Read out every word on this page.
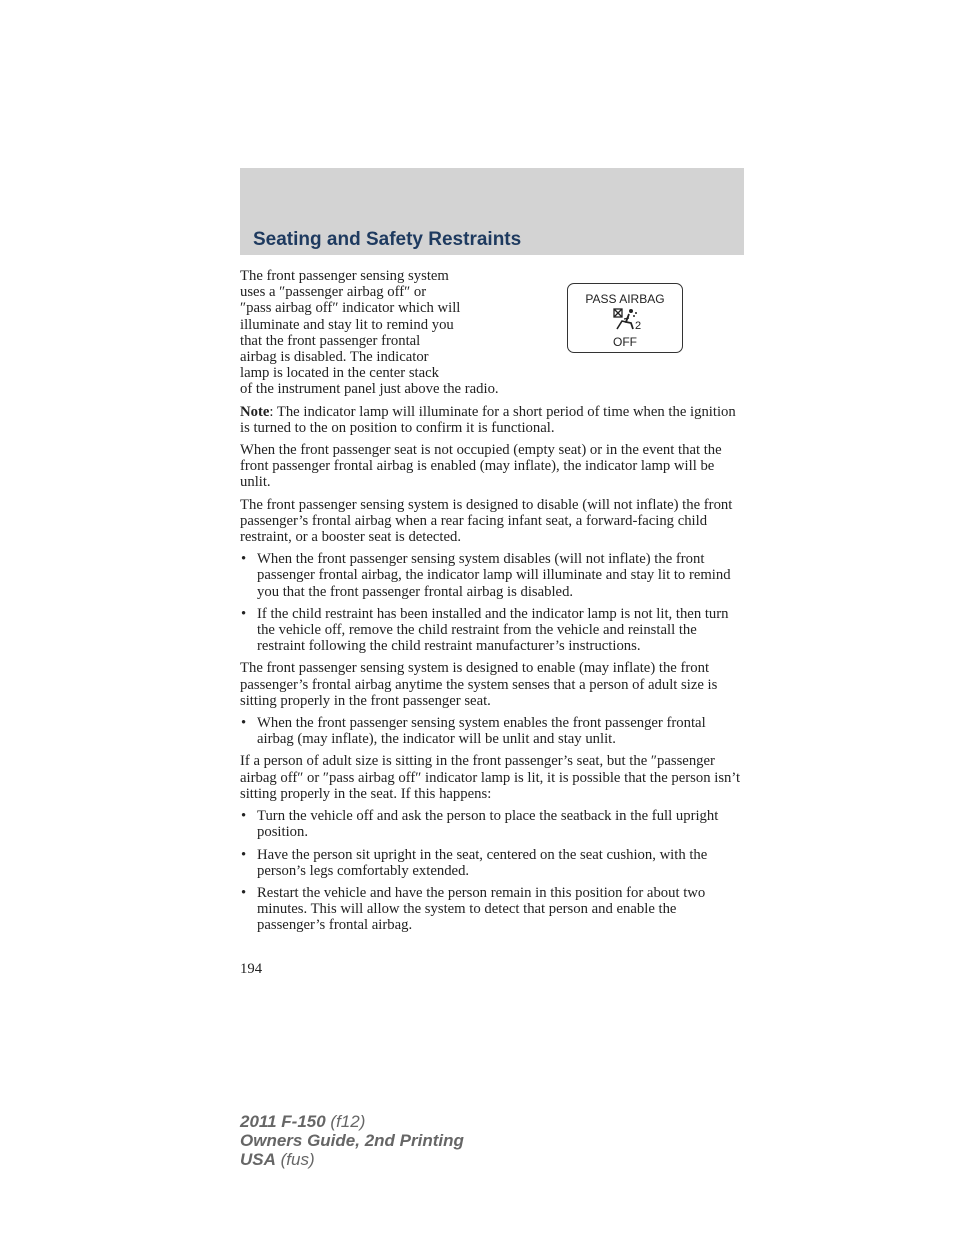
Seating and Safety Restraints
PASS AIRBAG
2
OFF

The front passenger sensing system
uses a ″passenger airbag off″ or
″pass airbag off″ indicator which will
illuminate and stay lit to remind you
that the front passenger frontal
airbag is disabled. The indicator
lamp is located in the center stack

of the instrument panel just above the radio.

Note: The indicator lamp will illuminate for a short period of time when the ignition is turned to the on position to confirm it is functional.

When the front passenger seat is not occupied (empty seat) or in the event that the front passenger frontal airbag is enabled (may inflate), the indicator lamp will be unlit.

The front passenger sensing system is designed to disable (will not inflate) the front passenger’s frontal airbag when a rear facing infant seat, a forward-facing child restraint, or a booster seat is detected.

• When the front passenger sensing system disables (will not inflate) the front passenger frontal airbag, the indicator lamp will illuminate and stay lit to remind you that the front passenger frontal airbag is disabled.

• If the child restraint has been installed and the indicator lamp is not lit, then turn the vehicle off, remove the child restraint from the vehicle and reinstall the restraint following the child restraint manufacturer’s instructions.

The front passenger sensing system is designed to enable (may inflate) the front passenger’s frontal airbag anytime the system senses that a person of adult size is sitting properly in the front passenger seat.

• When the front passenger sensing system enables the front passenger frontal airbag (may inflate), the indicator will be unlit and stay unlit.

If a person of adult size is sitting in the front passenger’s seat, but the ″passenger airbag off″ or ″pass airbag off″ indicator lamp is lit, it is possible that the person isn’t sitting properly in the seat. If this happens:

• Turn the vehicle off and ask the person to place the seatback in the full upright position.

• Have the person sit upright in the seat, centered on the seat cushion, with the person’s legs comfortably extended.

• Restart the vehicle and have the person remain in this position for about two minutes. This will allow the system to detect that person and enable the passenger’s frontal airbag.

194
2011 F-150 (f12)
Owners Guide, 2nd Printing
USA (fus)
